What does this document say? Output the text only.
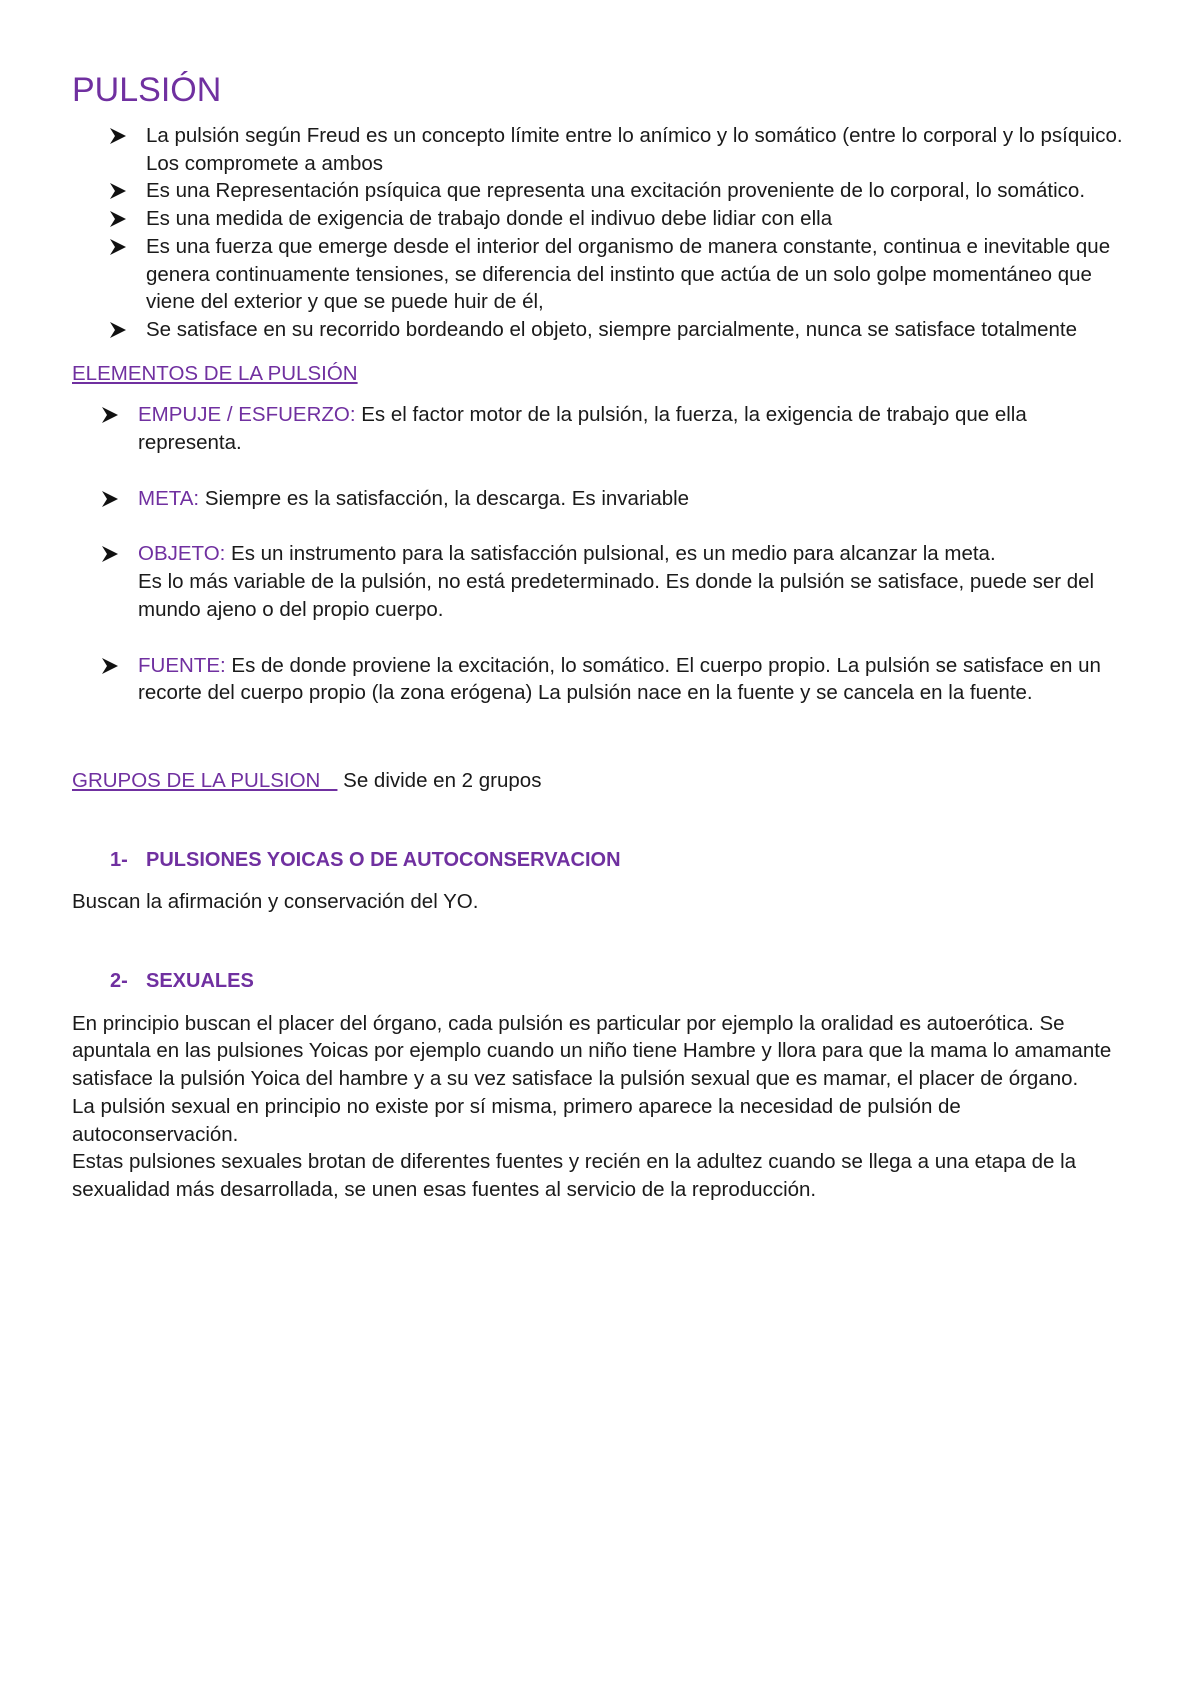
PULSIÓN
La pulsión según Freud es un concepto límite entre lo anímico y lo somático (entre lo corporal y lo psíquico. Los compromete a ambos
Es una Representación psíquica que representa una excitación proveniente de lo corporal, lo somático.
Es una medida de exigencia de trabajo donde el indivuo debe lidiar con ella
Es una fuerza que emerge desde el interior del organismo de manera constante, continua e inevitable que genera continuamente tensiones, se diferencia del instinto que actúa de un solo golpe momentáneo que viene del exterior y que se puede huir de él,
Se satisface en su recorrido bordeando el objeto, siempre parcialmente, nunca se satisface totalmente
ELEMENTOS DE LA PULSIÓN
EMPUJE / ESFUERZO: Es el factor motor de la pulsión, la fuerza, la exigencia de trabajo que ella representa.
META: Siempre es la satisfacción, la descarga. Es invariable
OBJETO: Es un instrumento para la satisfacción pulsional, es un medio para alcanzar la meta.
Es lo más variable de la pulsión, no está predeterminado. Es donde la pulsión se satisface, puede ser del mundo ajeno o del propio cuerpo.
FUENTE: Es de donde proviene la excitación, lo somático. El cuerpo propio. La pulsión se satisface en un recorte del cuerpo propio (la zona erógena) La pulsión nace en la fuente y se cancela en la fuente.
GRUPOS DE LA PULSION    Se divide en 2 grupos
1- PULSIONES YOICAS O DE AUTOCONSERVACION

Buscan la afirmación y conservación del YO.

2- SEXUALES

En principio buscan el placer del órgano, cada pulsión es particular por ejemplo la oralidad es autoerótica. Se apuntala en las pulsiones Yoicas por ejemplo cuando un niño tiene Hambre y llora para que la mama lo amamante satisface la pulsión Yoica del hambre y a su vez satisface la pulsión sexual que es mamar, el placer de órgano.

La pulsión sexual en principio no existe por sí misma, primero aparece la necesidad de pulsión de autoconservación.

Estas pulsiones sexuales brotan de diferentes fuentes y recién en la adultez cuando se llega a una etapa de la sexualidad más desarrollada, se unen esas fuentes al servicio de la reproducción.
